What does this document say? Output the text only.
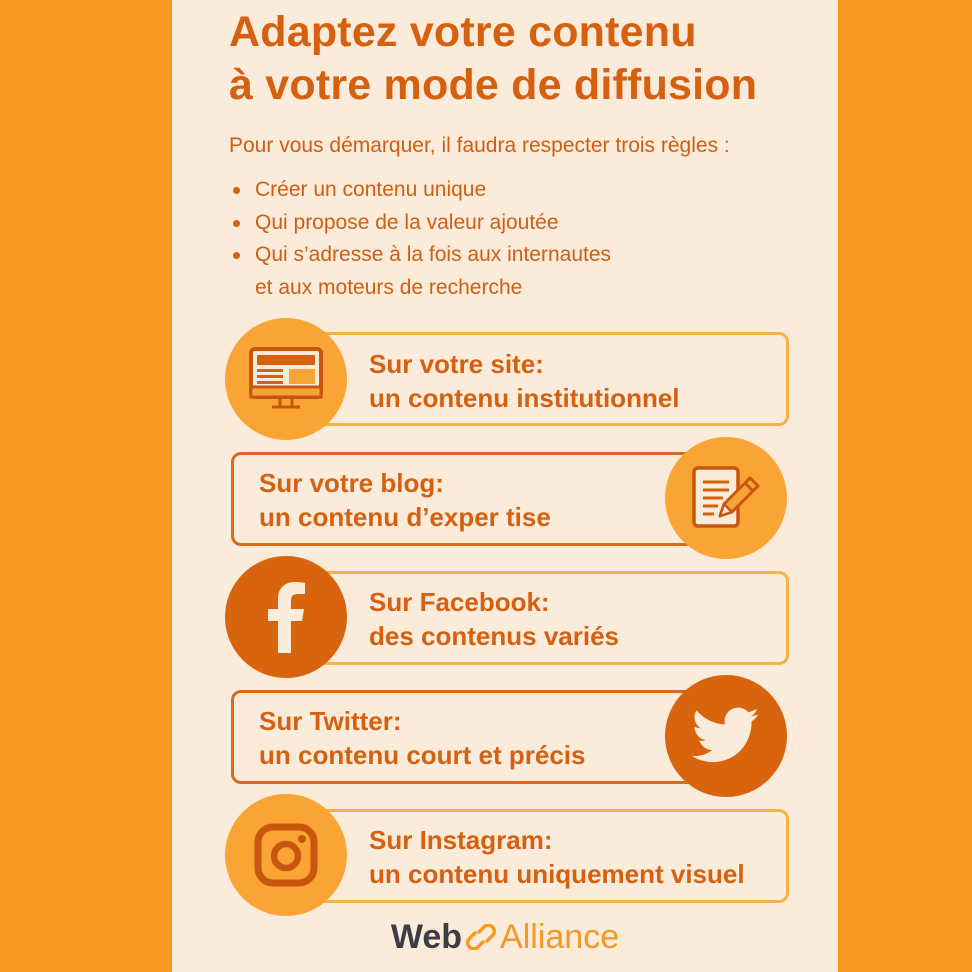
Adaptez votre contenu
à votre mode de diffusion
Pour vous démarquer, il faudra respecter trois règles :
Créer un contenu unique
Qui propose de la valeur ajoutée
Qui s’adresse à la fois aux internautes
et aux moteurs de recherche
Sur votre site:
un contenu institutionnel
Sur votre blog:
un contenu d’exper tise
Sur Facebook:
des contenus variés
Sur Twitter:
un contenu court et précis
Sur Instagram:
un contenu uniquement visuel
Web Alliance
